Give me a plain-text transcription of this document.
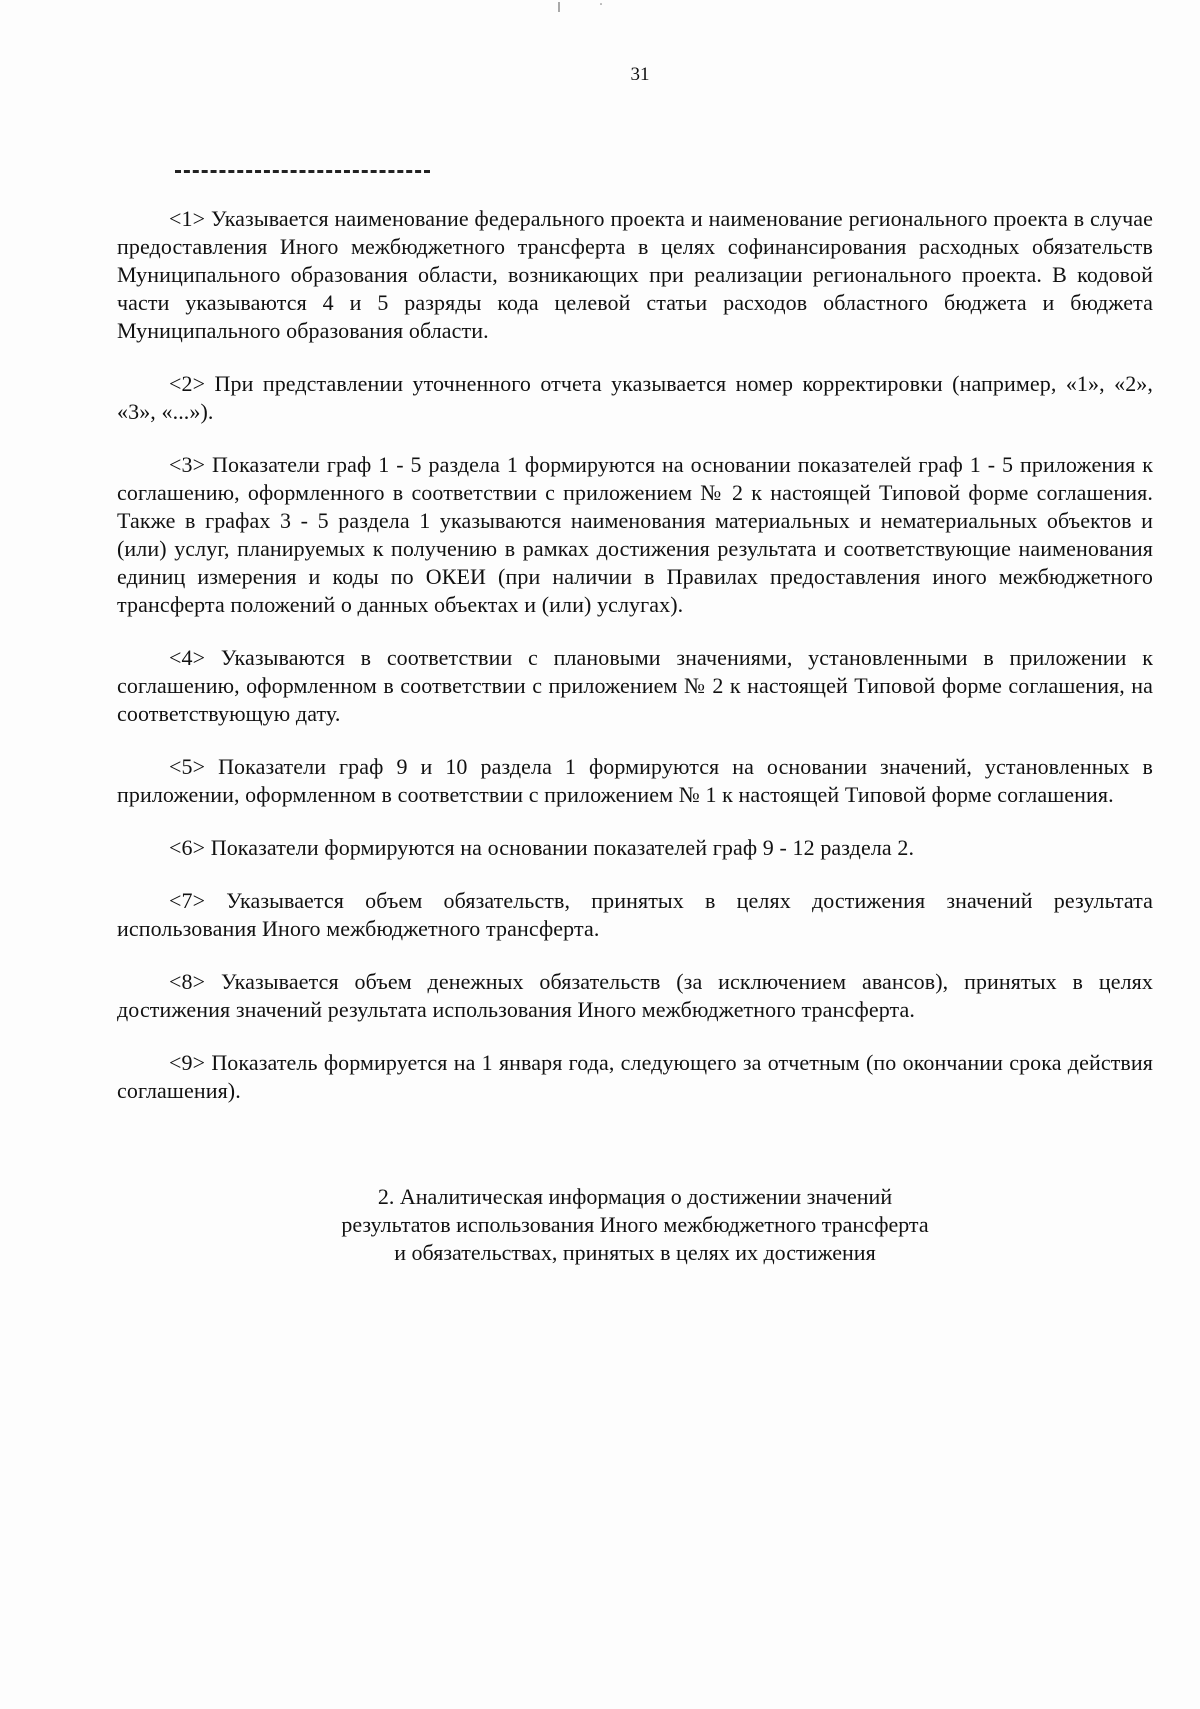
31

<1> Указывается наименование федерального проекта и наименование регионального проекта в случае предоставления Иного межбюджетного трансферта в целях софинансирования расходных обязательств Муниципального образования области, возникающих при реализации регионального проекта. В кодовой части указываются 4 и 5 разряды кода целевой статьи расходов областного бюджета и бюджета Муниципального образования области.

<2> При представлении уточненного отчета указывается номер корректировки (например, «1», «2», «3», «...»).

<3> Показатели граф 1 - 5 раздела 1 формируются на основании показателей граф 1 - 5 приложения к соглашению, оформленного в соответствии с приложением № 2 к настоящей Типовой форме соглашения. Также в графах 3 - 5 раздела 1 указываются наименования материальных и нематериальных объектов и (или) услуг, планируемых к получению в рамках достижения результата и соответствующие наименования единиц измерения и коды по ОКЕИ (при наличии в Правилах предоставления иного межбюджетного трансферта положений о данных объектах и (или) услугах).

<4> Указываются в соответствии с плановыми значениями, установленными в приложении к соглашению, оформленном в соответствии с приложением № 2 к настоящей Типовой форме соглашения, на соответствующую дату.

<5> Показатели граф 9 и 10 раздела 1 формируются на основании значений, установленных в приложении, оформленном в соответствии с приложением № 1 к настоящей Типовой форме соглашения.

<6> Показатели формируются на основании показателей граф 9 - 12 раздела 2.

<7> Указывается объем обязательств, принятых в целях достижения значений результата использования Иного межбюджетного трансферта.

<8> Указывается объем денежных обязательств (за исключением авансов), принятых в целях достижения значений результата использования Иного межбюджетного трансферта.

<9> Показатель формируется на 1 января года, следующего за отчетным (по окончании срока действия соглашения).

2. Аналитическая информация о достижении значений
результатов использования Иного межбюджетного трансферта
и обязательствах, принятых в целях их достижения
